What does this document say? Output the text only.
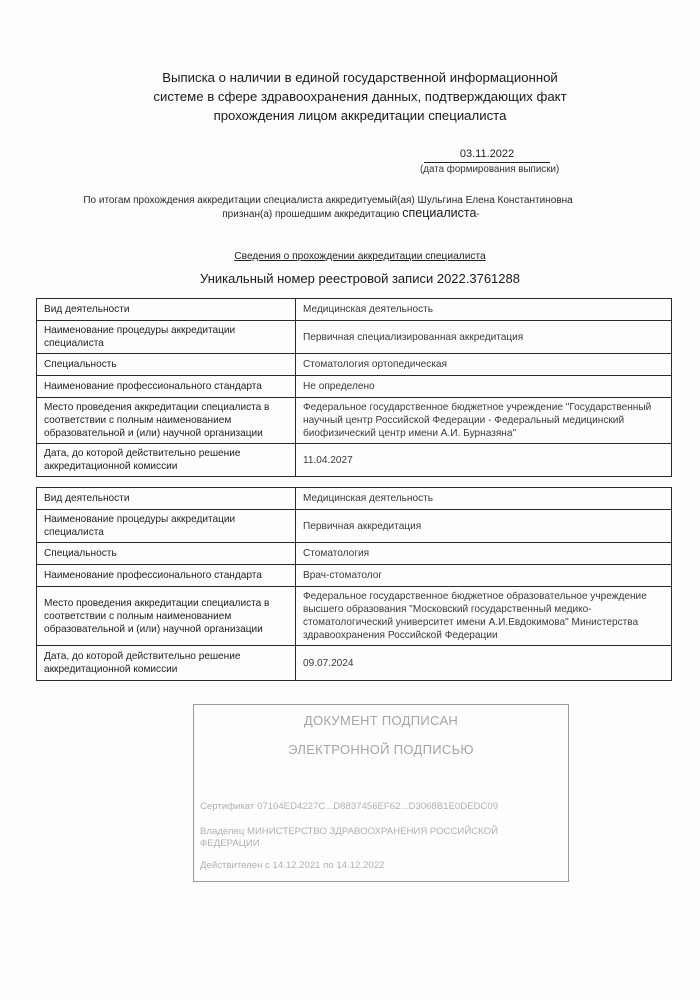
Выписка о наличии в единой государственной информационной
системе в сфере здравоохранения данных, подтверждающих факт
прохождения лицом аккредитации специалиста
03.11.2022
(дата формирования выписки)
По итогам прохождения аккредитации специалиста аккредитуемый(ая) Шульгина Елена Константиновна
признан(а) прошедшим аккредитацию специалиста-
Сведения о прохождении аккредитации специалиста
Уникальный номер реестровой записи 2022.3761288
Вид деятельности	Медицинская деятельность
Наименование процедуры аккредитации специалиста	Первичная специализированная аккредитация
Специальность	Стоматология ортопедическая
Наименование профессионального стандарта	Не определено
Место проведения аккредитации специалиста в соответствии с полным наименованием образовательной и (или) научной организации	Федеральное государственное бюджетное учреждение "Государственный научный центр Российской Федерации - Федеральный медицинский биофизический центр имени А.И. Бурназяна"
Дата, до которой действительно решение аккредитационной комиссии	11.04.2027
Вид деятельности	Медицинская деятельность
Наименование процедуры аккредитации специалиста	Первичная аккредитация
Специальность	Стоматология
Наименование профессионального стандарта	Врач-стоматолог
Место проведения аккредитации специалиста в соответствии с полным наименованием образовательной и (или) научной организации	Федеральное государственное бюджетное образовательное учреждение высшего образования "Московский государственный медико-стоматологический университет имени А.И.Евдокимова" Министерства здравоохранения Российской Федерации
Дата, до которой действительно решение аккредитационной комиссии	09.07.2024
ДОКУМЕНТ ПОДПИСАН
ЭЛЕКТРОННОЙ ПОДПИСЬЮ
Сертификат 07104ED4227C...D8837456EF62...D3068B1E0DEDC09
Владелец МИНИСТЕРСТВО ЗДРАВООХРАНЕНИЯ РОССИЙСКОЙ ФЕДЕРАЦИИ
Действителен с 14.12.2021 по 14.12.2022
